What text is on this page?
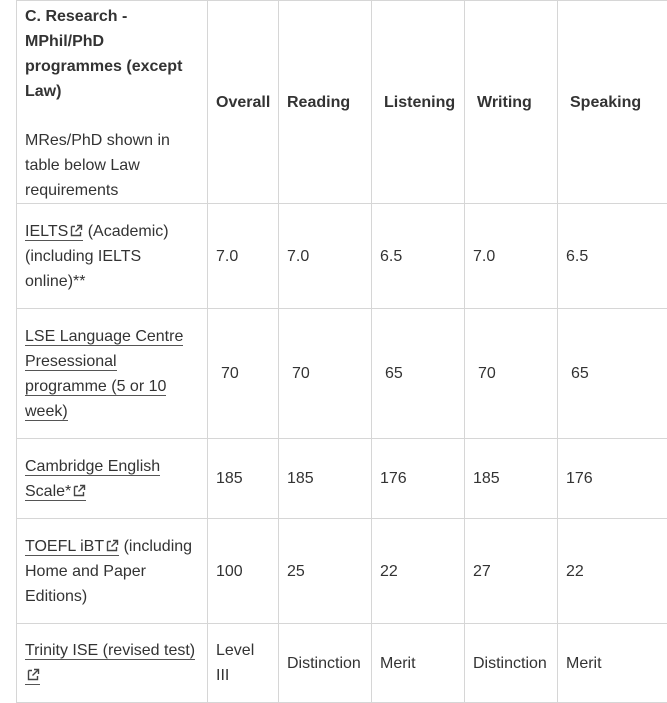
C. Research - MPhil/PhD programmes (except Law)
MRes/PhD shown in table below Law requirements	Overall	Reading	Listening	Writing	Speaking
IELTS (Academic) (including IELTS online)**	7.0	7.0	6.5	7.0	6.5
LSE Language Centre Presessional programme (5 or 10 week)	70	70	65	70	65
Cambridge English Scale*	185	185	176	185	176
TOEFL iBT (including Home and Paper Editions)	100	25	22	27	22
Trinity ISE (revised test)	Level III	Distinction	Merit	Distinction	Merit
